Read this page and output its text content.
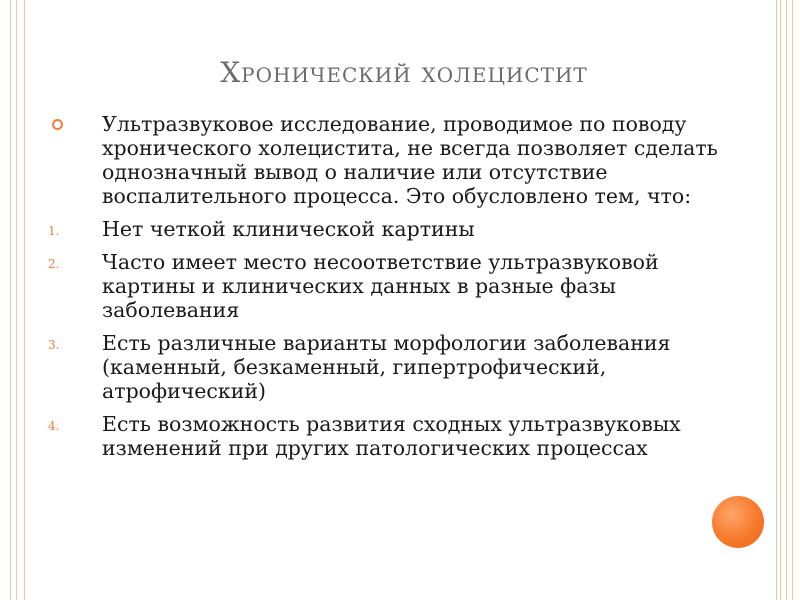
Хронический холецистит
Ультразвуковое исследование, проводимое по поводу хронического холецистита, не всегда позволяет сделать однозначный вывод о наличие или отсутствие воспалительного процесса. Это обусловлено тем, что:
1.	Нет четкой клинической картины
2.	Часто имеет место несоответствие ультразвуковой картины и клинических данных в разные фазы заболевания
3.	Есть различные варианты морфологии заболевания (каменный, безкаменный, гипертрофический, атрофический)
4.	Есть возможность развития сходных ультразвуковых изменений при других патологических процессах
